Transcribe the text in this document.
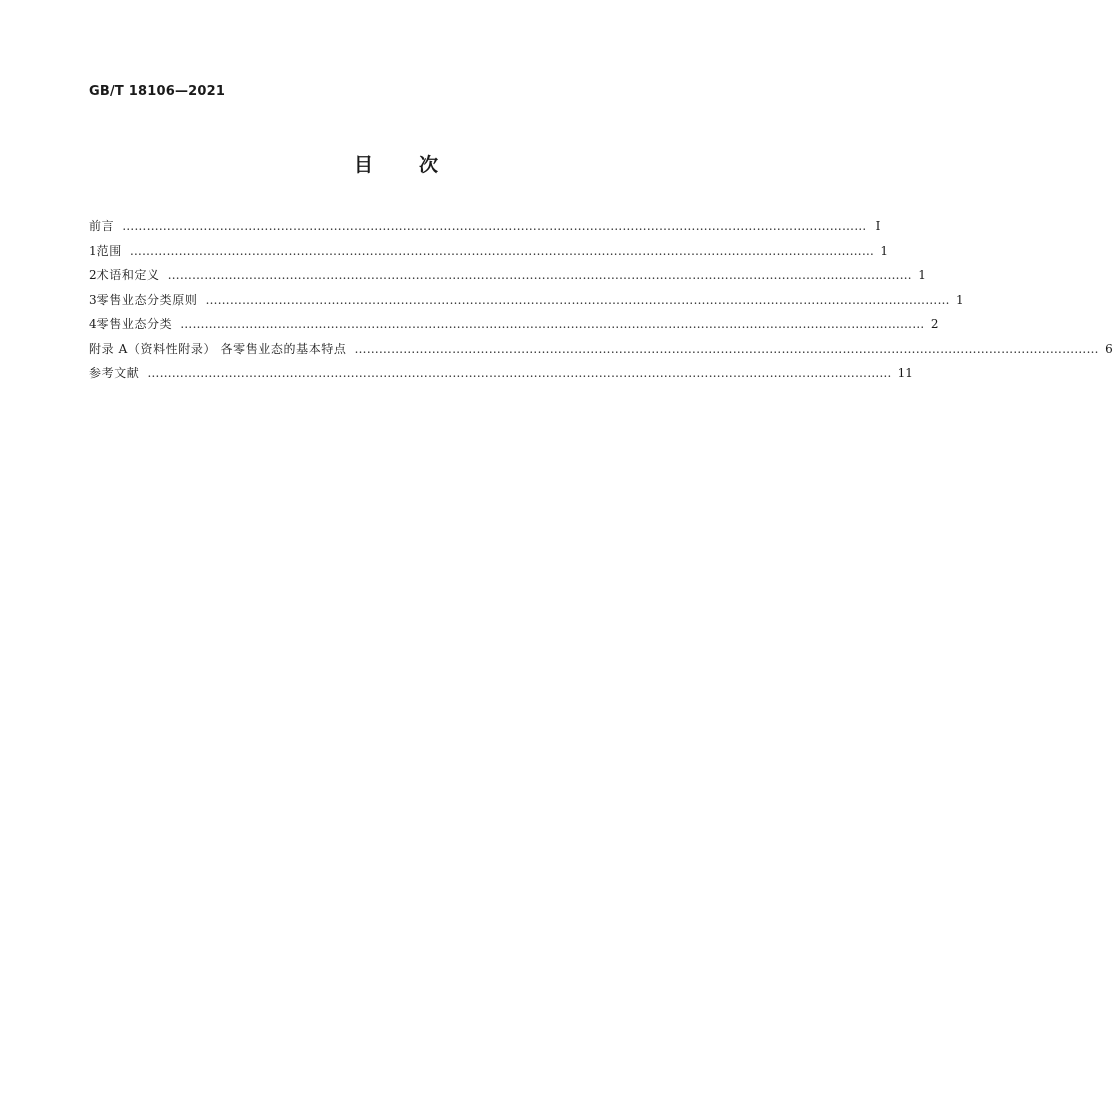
GB/T 18106—2021
目 次
前言 ………………………………………………………………………………………………………………………………………………………………… Ⅰ
1 范围 ………………………………………………………………………………………………………………………………………………………………… 1
2 术语和定义 ………………………………………………………………………………………………………………………………………………………………… 1
3 零售业态分类原则 ………………………………………………………………………………………………………………………………………………………………… 1
4 零售业态分类 ………………………………………………………………………………………………………………………………………………………………… 2
附录 A（资料性附录） 各零售业态的基本特点 ………………………………………………………………………………………………………………………………………………………………… 6
参考文献 ………………………………………………………………………………………………………………………………………………………………… 11
